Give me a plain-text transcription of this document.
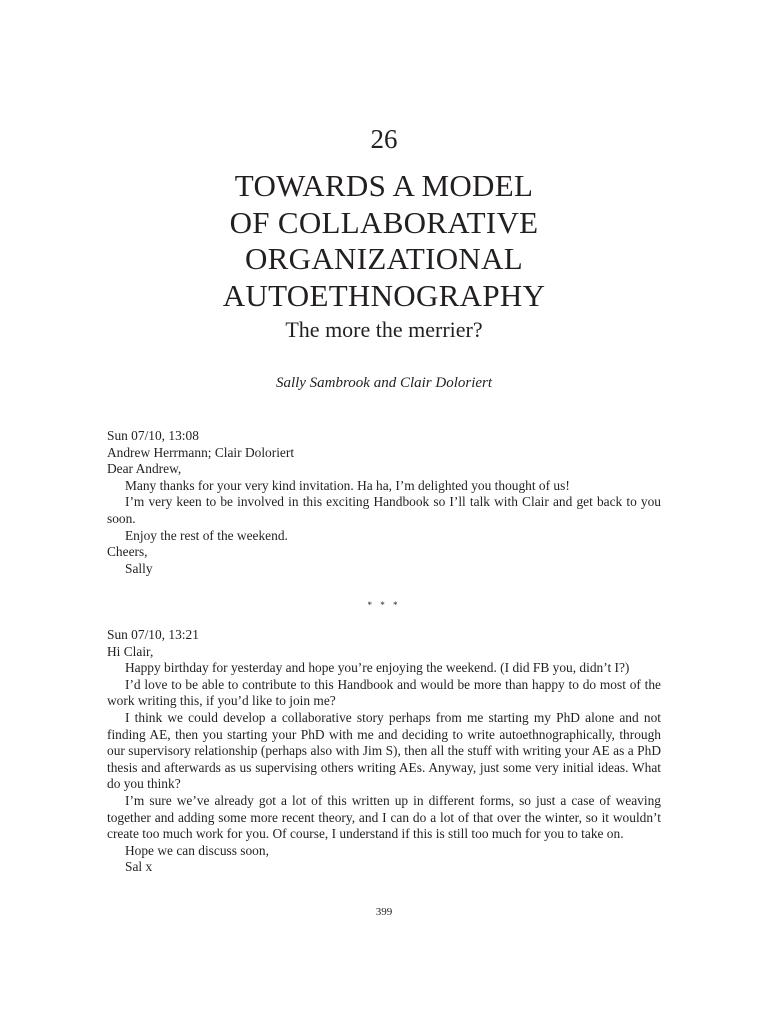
26
TOWARDS A MODEL
OF COLLABORATIVE
ORGANIZATIONAL
AUTOETHNOGRAPHY
The more the merrier?
Sally Sambrook and Clair Doloriert

Sun 07/10, 13:08

Andrew Herrmann; Clair Doloriert

Dear Andrew,

Many thanks for your very kind invitation. Ha ha, I’m delighted you thought of us!

I’m very keen to be involved in this exciting Handbook so I’ll talk with Clair and get back to you soon.

Enjoy the rest of the weekend.

Cheers,

Sally

* * *

Sun 07/10, 13:21

Hi Clair,

Happy birthday for yesterday and hope you’re enjoying the weekend. (I did FB you, didn’t I?)

I’d love to be able to contribute to this Handbook and would be more than happy to do most of the work writing this, if you’d like to join me?

I think we could develop a collaborative story perhaps from me starting my PhD alone and not finding AE, then you starting your PhD with me and deciding to write autoethnographically, through our supervisory relationship (perhaps also with Jim S), then all the stuff with writing your AE as a PhD thesis and afterwards as us supervising others writing AEs. Anyway, just some very initial ideas. What do you think?

I’m sure we’ve already got a lot of this written up in different forms, so just a case of weaving together and adding some more recent theory, and I can do a lot of that over the winter, so it wouldn’t create too much work for you. Of course, I understand if this is still too much for you to take on.

Hope we can discuss soon,

Sal x

399
